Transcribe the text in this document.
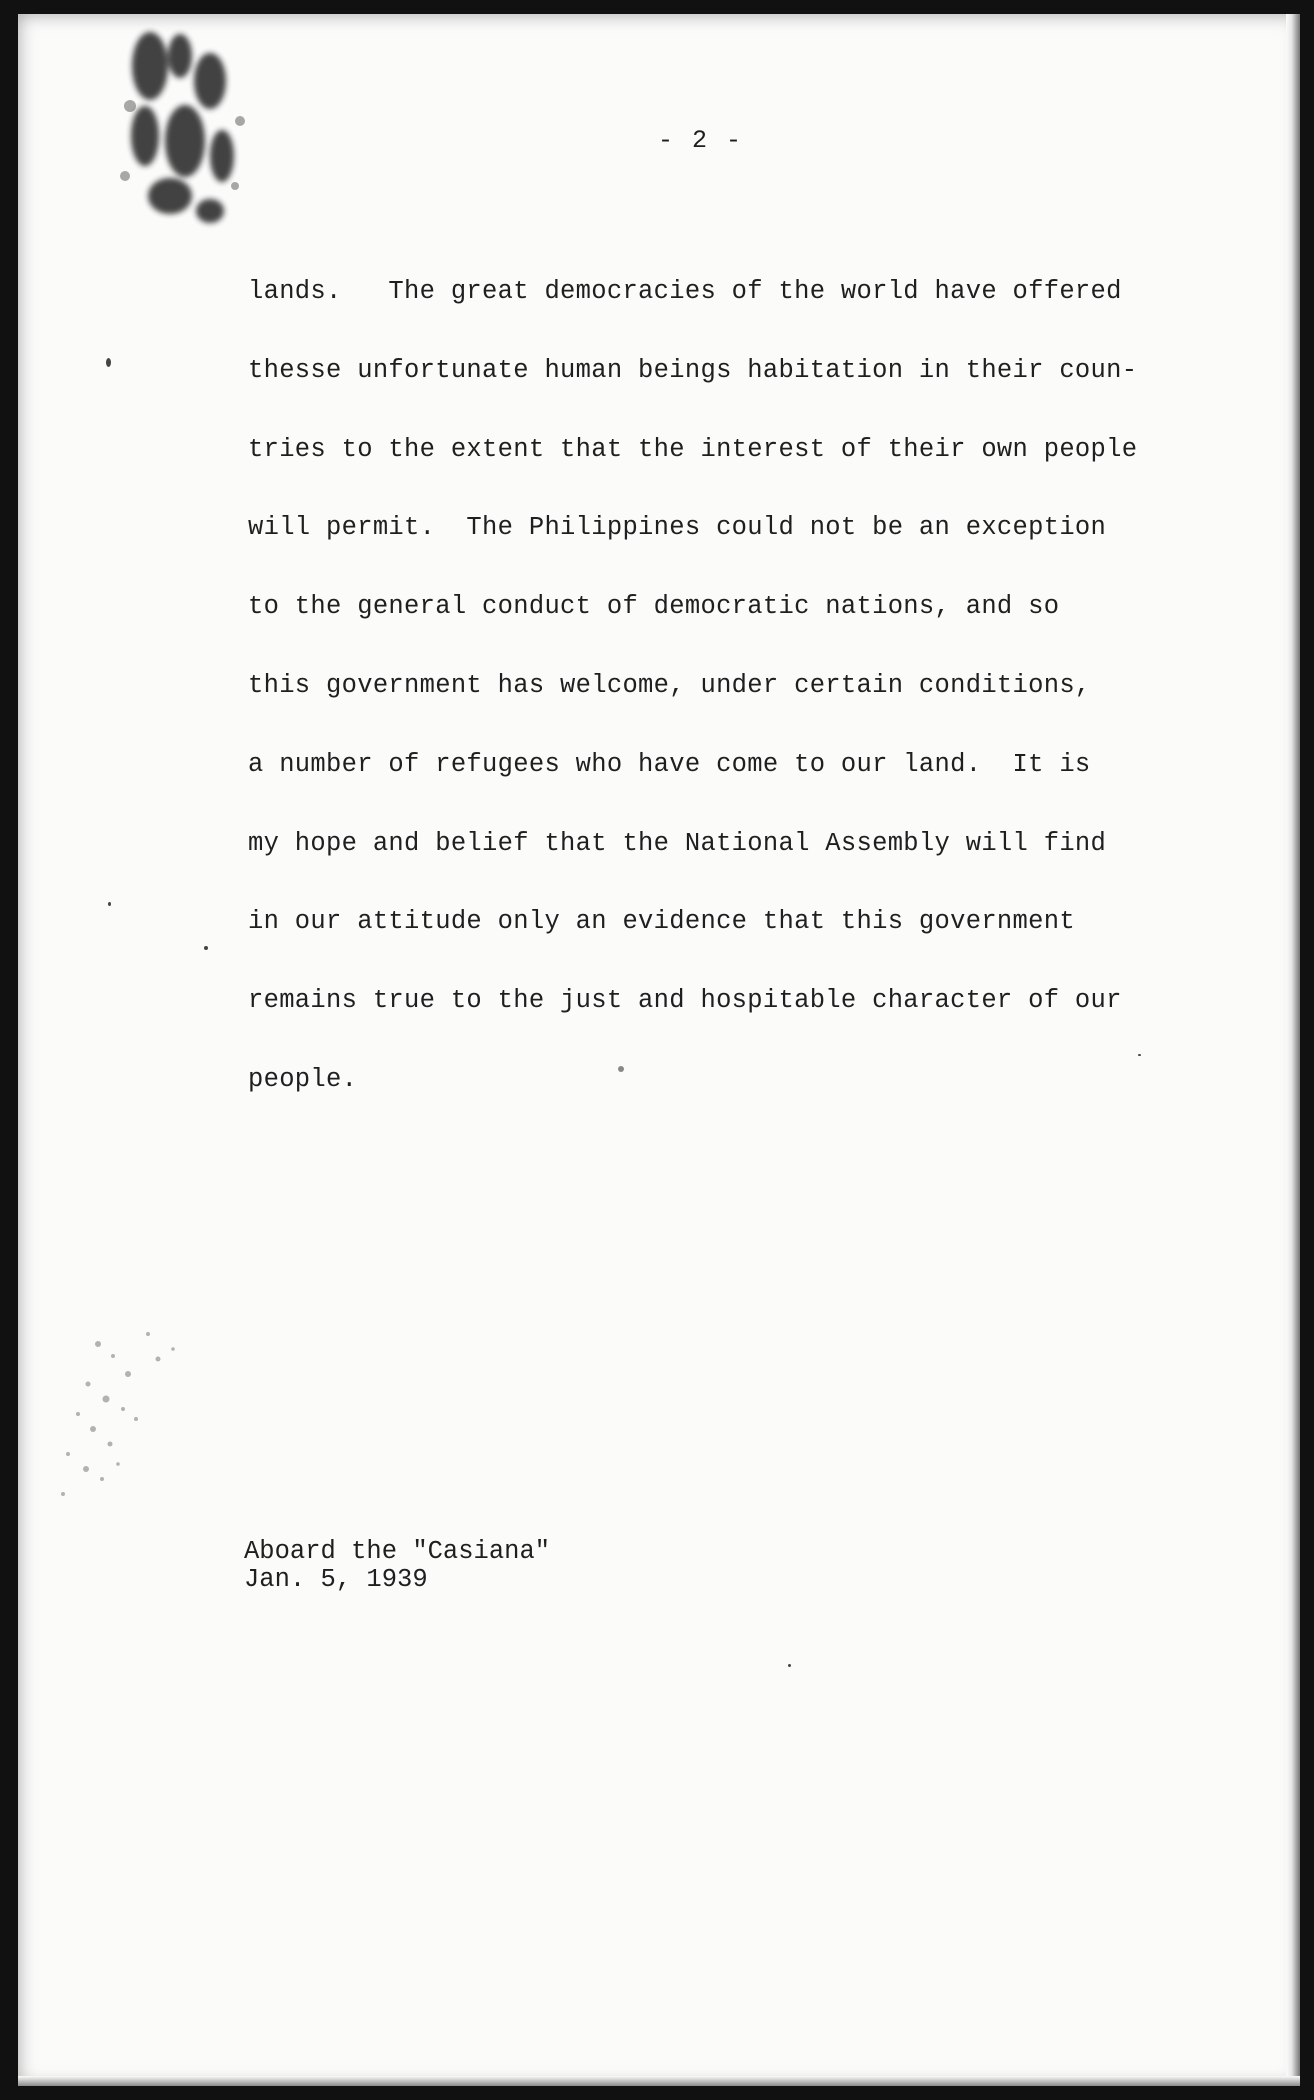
- 2 -
lands.   The great democracies of the world have offered
thesse unfortunate human beings habitation in their coun-
tries to the extent that the interest of their own people
will permit.  The Philippines could not be an exception
to the general conduct of democratic nations, and so
this government has welcome, under certain conditions,
a number of refugees who have come to our land.  It is
my hope and belief that the National Assembly will find
in our attitude only an evidence that this government
remains true to the just and hospitable character of our
people.
Aboard the "Casiana"
Jan. 5, 1939
